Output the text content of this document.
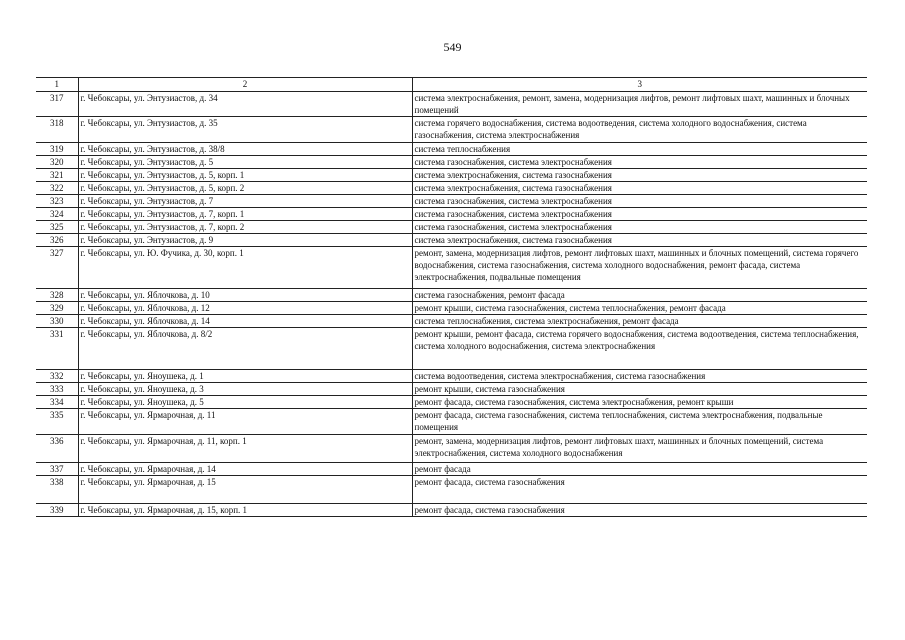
549
1	2	3
317	г. Чебоксары, ул. Энтузиастов, д. 34	система электроснабжения, ремонт, замена, модернизация лифтов, ремонт лифтовых шахт, машинных и блочных помещений
318	г. Чебоксары, ул. Энтузиастов, д. 35	система горячего водоснабжения, система водоотведения, система холодного водоснабжения, система газоснабжения, система электроснабжения
319	г. Чебоксары, ул. Энтузиастов, д. 38/8	система теплоснабжения
320	г. Чебоксары, ул. Энтузиастов, д. 5	система газоснабжения, система электроснабжения
321	г. Чебоксары, ул. Энтузиастов, д. 5, корп. 1	система электроснабжения, система газоснабжения
322	г. Чебоксары, ул. Энтузиастов, д. 5, корп. 2	система электроснабжения, система газоснабжения
323	г. Чебоксары, ул. Энтузиастов, д. 7	система газоснабжения, система электроснабжения
324	г. Чебоксары, ул. Энтузиастов, д. 7, корп. 1	система газоснабжения, система электроснабжения
325	г. Чебоксары, ул. Энтузиастов, д. 7, корп. 2	система газоснабжения, система электроснабжения
326	г. Чебоксары, ул. Энтузиастов, д. 9	система электроснабжения, система газоснабжения
327	г. Чебоксары, ул. Ю. Фучика, д. 30, корп. 1	ремонт, замена, модернизация лифтов, ремонт лифтовых шахт, машинных и блочных помещений, система горячего водоснабжения, система газоснабжения, система холодного водоснабжения, ремонт фасада, система электроснабжения, подвальные помещения
328	г. Чебоксары, ул. Яблочкова, д. 10	система газоснабжения, ремонт фасада
329	г. Чебоксары, ул. Яблочкова, д. 12	ремонт крыши, система газоснабжения, система теплоснабжения, ремонт фасада
330	г. Чебоксары, ул. Яблочкова, д. 14	система теплоснабжения, система электроснабжения, ремонт фасада
331	г. Чебоксары, ул. Яблочкова, д. 8/2	ремонт крыши, ремонт фасада, система горячего водоснабжения, система водоотведения, система теплоснабжения, система холодного водоснабжения, система электроснабжения
332	г. Чебоксары, ул. Яноушека, д. 1	система водоотведения, система электроснабжения, система газоснабжения
333	г. Чебоксары, ул. Яноушека, д. 3	ремонт крыши, система газоснабжения
334	г. Чебоксары, ул. Яноушека, д. 5	ремонт фасада, система газоснабжения, система электроснабжения, ремонт крыши
335	г. Чебоксары, ул. Ярмарочная, д. 11	ремонт фасада, система газоснабжения, система теплоснабжения, система электроснабжения, подвальные помещения
336	г. Чебоксары, ул. Ярмарочная, д. 11, корп. 1	ремонт, замена, модернизация лифтов, ремонт лифтовых шахт, машинных и блочных помещений, система электроснабжения, система холодного водоснабжения
337	г. Чебоксары, ул. Ярмарочная, д. 14	ремонт фасада
338	г. Чебоксары, ул. Ярмарочная, д. 15	ремонт фасада, система газоснабжения
339	г. Чебоксары, ул. Ярмарочная, д. 15, корп. 1	ремонт фасада, система газоснабжения
